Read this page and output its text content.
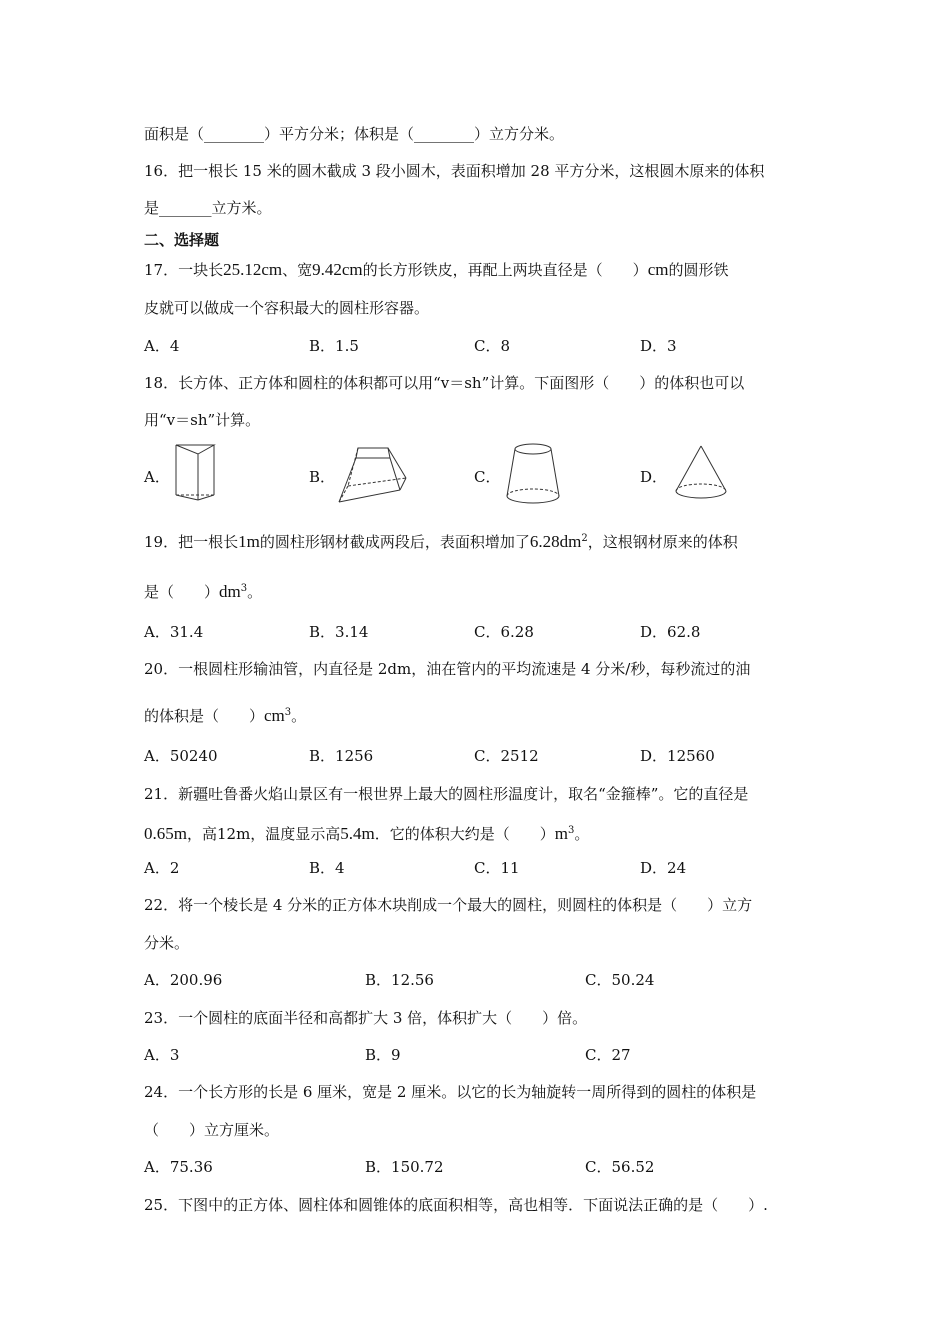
面积是（________）平方分米；体积是（________）立方分米。
16．把一根长 15 米的圆木截成 3 段小圆木，表面积增加 28 平方分米，这根圆木原来的体积
是_______立方米。
二、选择题
17．一块长25.12cm、宽9.42cm的长方形铁皮，再配上两块直径是（　　）cm的圆形铁
皮就可以做成一个容积最大的圆柱形容器。
A．4	B．1.5	C．8	D．3
18．长方体、正方体和圆柱的体积都可以用“v＝sh”计算。下面图形（　　）的体积也可以
用“v＝sh”计算。
A．	B．	C．	D．
19．把一根长1m的圆柱形钢材截成两段后，表面积增加了$6.28dm^2$，这根钢材原来的体积
是（　　）$dm^3$。
A．31.4	B．3.14	C．6.28	D．62.8
20．一根圆柱形输油管，内直径是 2dm，油在管内的平均流速是 4 分米/秒，每秒流过的油
的体积是（　　）$cm^3$。
A．50240	B．1256	C．2512	D．12560
21．新疆吐鲁番火焰山景区有一根世界上最大的圆柱形温度计，取名“金箍棒”。它的直径是
0.65m，高12m，温度显示高5.4m．它的体积大约是（　　）$m^3$。
A．2	B．4	C．11	D．24
22．将一个棱长是 4 分米的正方体木块削成一个最大的圆柱，则圆柱的体积是（　　）立方
分米。
A．200.96	B．12.56	C．50.24
23．一个圆柱的底面半径和高都扩大 3 倍，体积扩大（　　）倍。
A．3	B．9	C．27
24．一个长方形的长是 6 厘米，宽是 2 厘米。以它的长为轴旋转一周所得到的圆柱的体积是
（　　）立方厘米。
A．75.36	B．150.72	C．56.52
25．下图中的正方体、圆柱体和圆锥体的底面积相等，高也相等．下面说法正确的是（　　）.
